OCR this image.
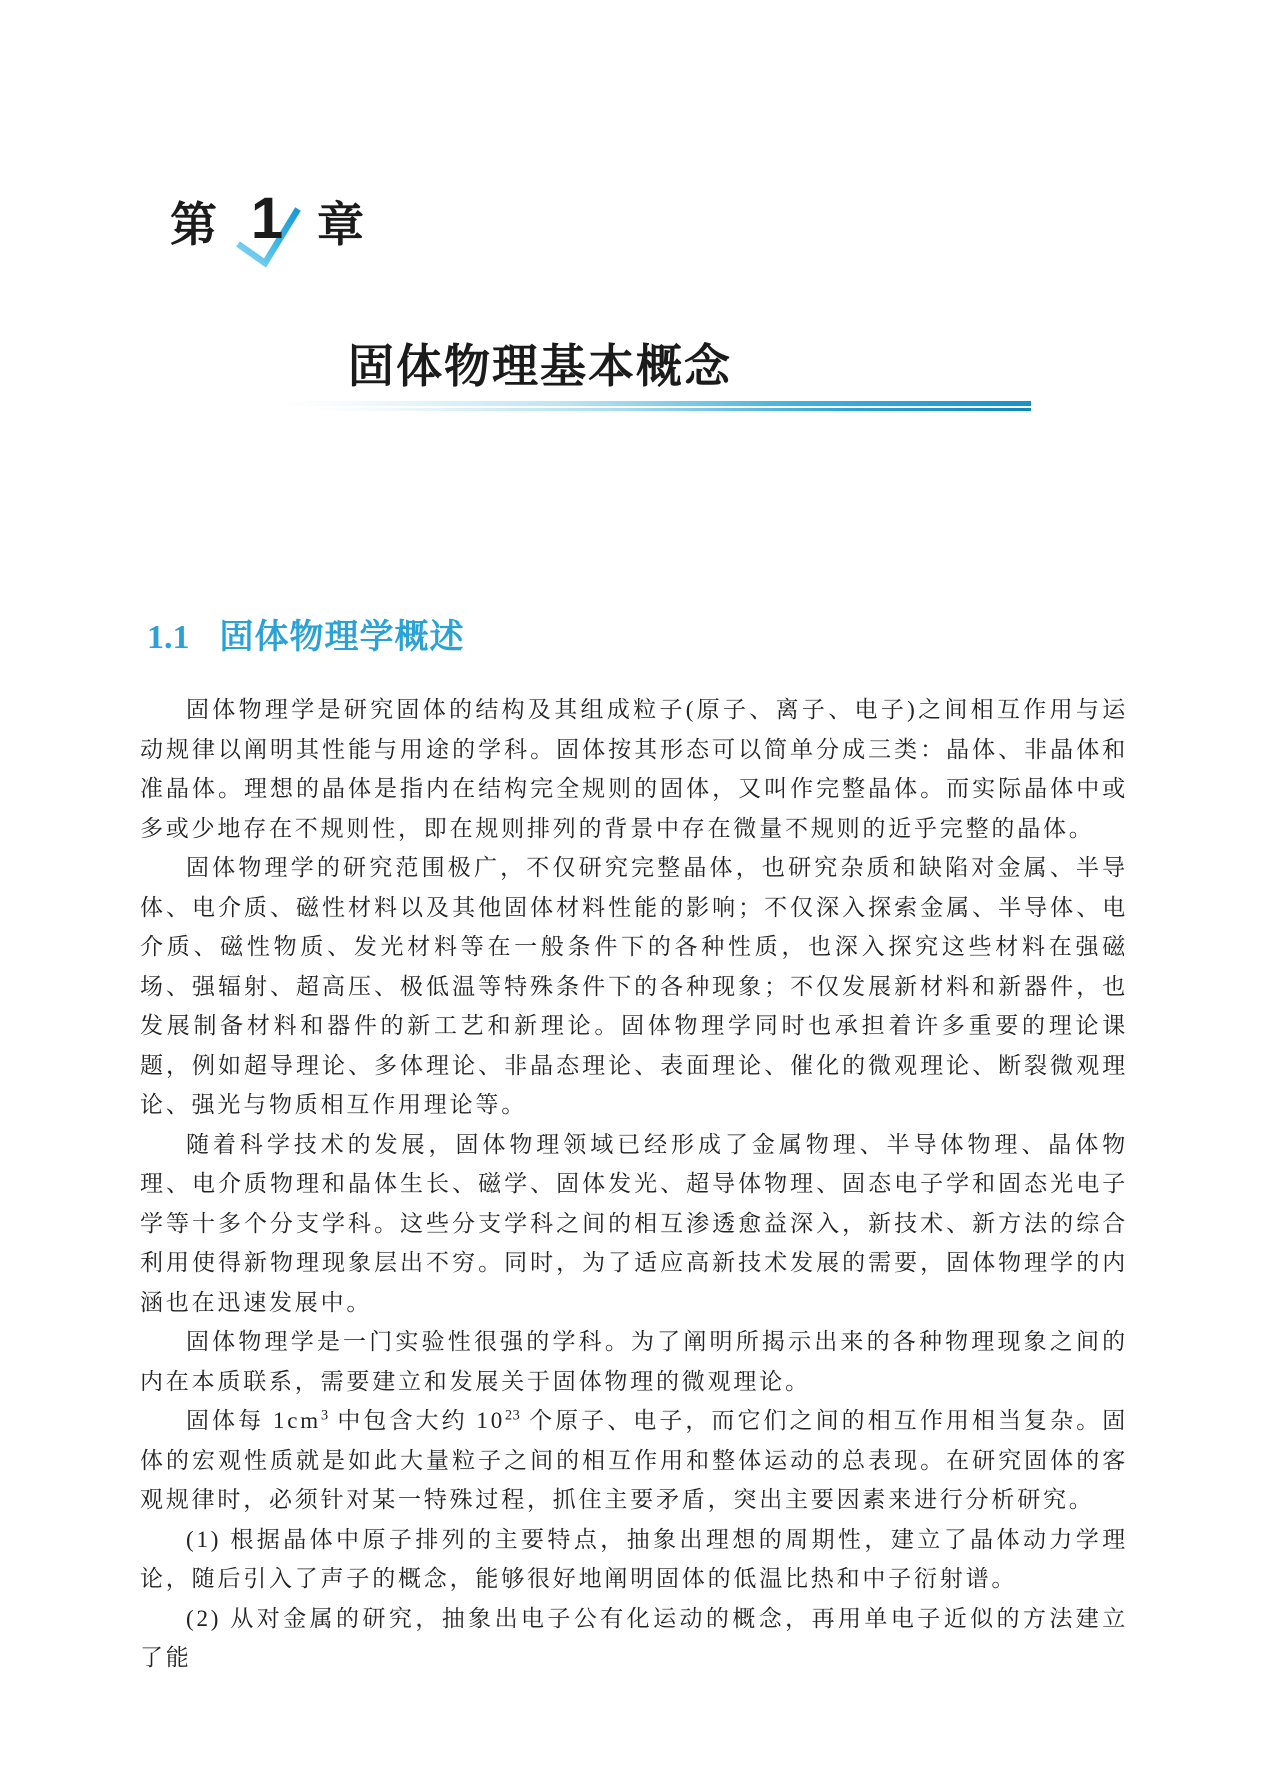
第 1 章
固体物理基本概念
1.1 固体物理学概述

固体物理学是研究固体的结构及其组成粒子(原子、离子、电子)之间相互作用与运动规律以阐明其性能与用途的学科。固体按其形态可以简单分成三类：晶体、非晶体和准晶体。理想的晶体是指内在结构完全规则的固体，又叫作完整晶体。而实际晶体中或多或少地存在不规则性，即在规则排列的背景中存在微量不规则的近乎完整的晶体。

固体物理学的研究范围极广，不仅研究完整晶体，也研究杂质和缺陷对金属、半导体、电介质、磁性材料以及其他固体材料性能的影响；不仅深入探索金属、半导体、电介质、磁性物质、发光材料等在一般条件下的各种性质，也深入探究这些材料在强磁场、强辐射、超高压、极低温等特殊条件下的各种现象；不仅发展新材料和新器件，也发展制备材料和器件的新工艺和新理论。固体物理学同时也承担着许多重要的理论课题，例如超导理论、多体理论、非晶态理论、表面理论、催化的微观理论、断裂微观理论、强光与物质相互作用理论等。

随着科学技术的发展，固体物理领域已经形成了金属物理、半导体物理、晶体物理、电介质物理和晶体生长、磁学、固体发光、超导体物理、固态电子学和固态光电子学等十多个分支学科。这些分支学科之间的相互渗透愈益深入，新技术、新方法的综合利用使得新物理现象层出不穷。同时，为了适应高新技术发展的需要，固体物理学的内涵也在迅速发展中。

固体物理学是一门实验性很强的学科。为了阐明所揭示出来的各种物理现象之间的内在本质联系，需要建立和发展关于固体物理的微观理论。

固体每 $1cm^3$ 中包含大约 $10^{23}$ 个原子、电子，而它们之间的相互作用相当复杂。固体的宏观性质就是如此大量粒子之间的相互作用和整体运动的总表现。在研究固体的客观规律时，必须针对某一特殊过程，抓住主要矛盾，突出主要因素来进行分析研究。

(1) 根据晶体中原子排列的主要特点，抽象出理想的周期性，建立了晶体动力学理论，随后引入了声子的概念，能够很好地阐明固体的低温比热和中子衍射谱。

(2) 从对金属的研究，抽象出电子公有化运动的概念，再用单电子近似的方法建立了能
